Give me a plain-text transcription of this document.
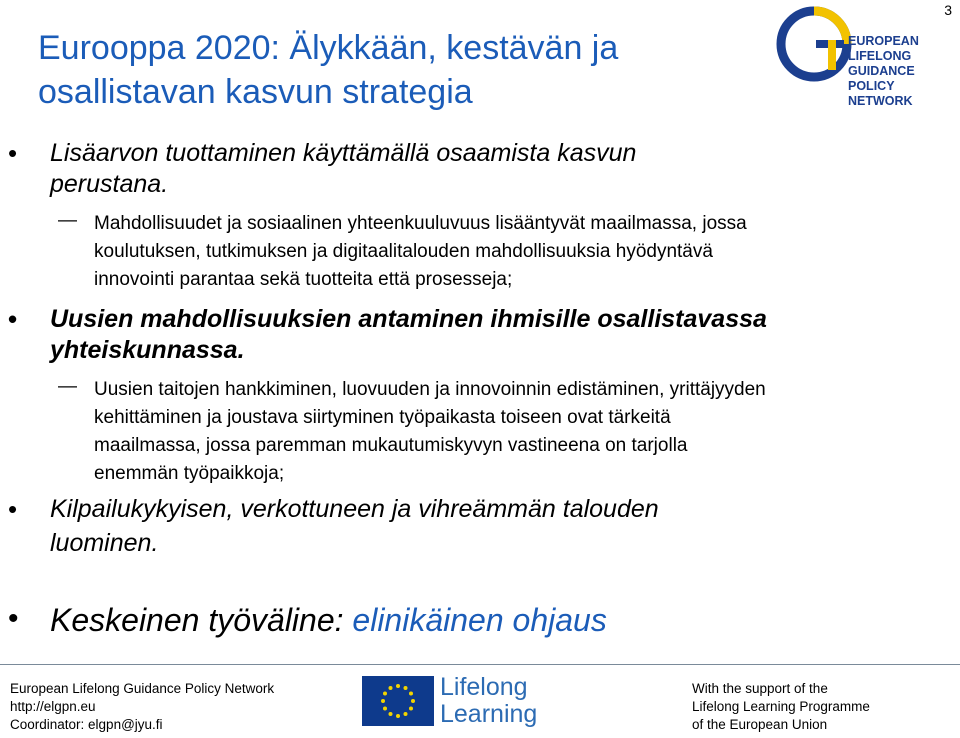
3
EUROPEAN LIFELONG
GUIDANCE POLICY
NETWORK
Eurooppa 2020: Älykkään, kestävän ja osallistavan kasvun strategia
• Lisäarvon tuottaminen käyttämällä osaamista kasvun
perustana.
— Mahdollisuudet ja sosiaalinen yhteenkuuluvuus lisääntyvät maailmassa, jossa
koulutuksen, tutkimuksen ja digitaalitalouden mahdollisuuksia hyödyntävä
innovointi parantaa sekä tuotteita että prosesseja;
• Uusien mahdollisuuksien antaminen ihmisille osallistavassa
yhteiskunnassa.
— Uusien taitojen hankkiminen, luovuuden ja innovoinnin edistäminen, yrittäjyyden
kehittäminen ja joustava siirtyminen työpaikasta toiseen ovat tärkeitä
maailmassa, jossa paremman mukautumiskyvyn vastineena on tarjolla
enemmän työpaikkoja;
• Kilpailukykyisen, verkottuneen ja vihreämmän talouden
luominen.
• Keskeinen työväline: elinikäinen ohjaus
European Lifelong Guidance Policy Network
http://elgpn.eu
Coordinator: elgpn@jyu.fi
Lifelong
Learning
With the support of the
Lifelong Learning Programme
of the European Union
